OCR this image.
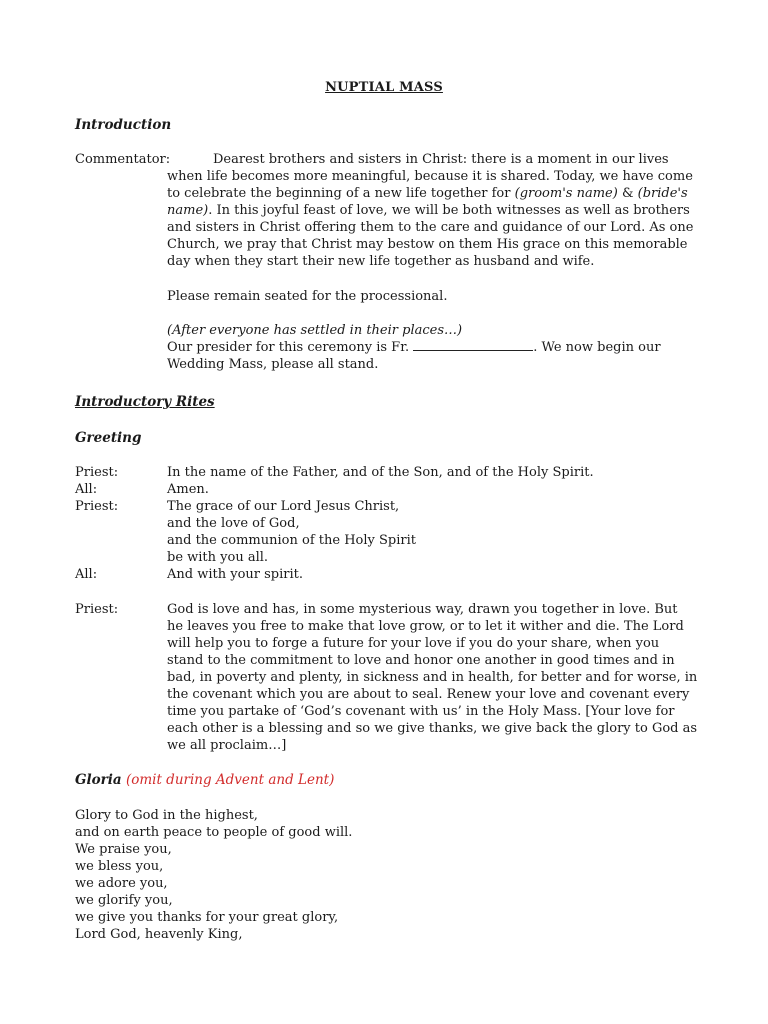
NUPTIAL MASS
Introduction
Commentator:	Dearest brothers and sisters in Christ: there is a moment in our lives
when life becomes more meaningful, because it is shared. Today, we have come
to celebrate the beginning of a new life together for (groom's name) & (bride's
name). In this joyful feast of love, we will be both witnesses as well as brothers
and sisters in Christ offering them to the care and guidance of our Lord. As one
Church, we pray that Christ may bestow on them His grace on this memorable
day when they start their new life together as husband and wife.
Please remain seated for the processional.
(After everyone has settled in their places…)
Our presider for this ceremony is Fr.	. We now begin our
Wedding Mass, please all stand.
Introductory Rites
Greeting
Priest:	In the name of the Father, and of the Son, and of the Holy Spirit.
All:	Amen.
Priest:	The grace of our Lord Jesus Christ,
and the love of God,
and the communion of the Holy Spirit
be with you all.
All:	And with your spirit.
Priest:	God is love and has, in some mysterious way, drawn you together in love. But
he leaves you free to make that love grow, or to let it wither and die. The Lord
will help you to forge a future for your love if you do your share, when you
stand to the commitment to love and honor one another in good times and in
bad, in poverty and plenty, in sickness and in health, for better and for worse, in
the covenant which you are about to seal. Renew your love and covenant every
time you partake of ‘God’s covenant with us’ in the Holy Mass. [Your love for
each other is a blessing and so we give thanks, we give back the glory to God as
we all proclaim…]
Gloria (omit during Advent and Lent)
Glory to God in the highest,
and on earth peace to people of good will.
We praise you,
we bless you,
we adore you,
we glorify you,
we give you thanks for your great glory,
Lord God, heavenly King,
